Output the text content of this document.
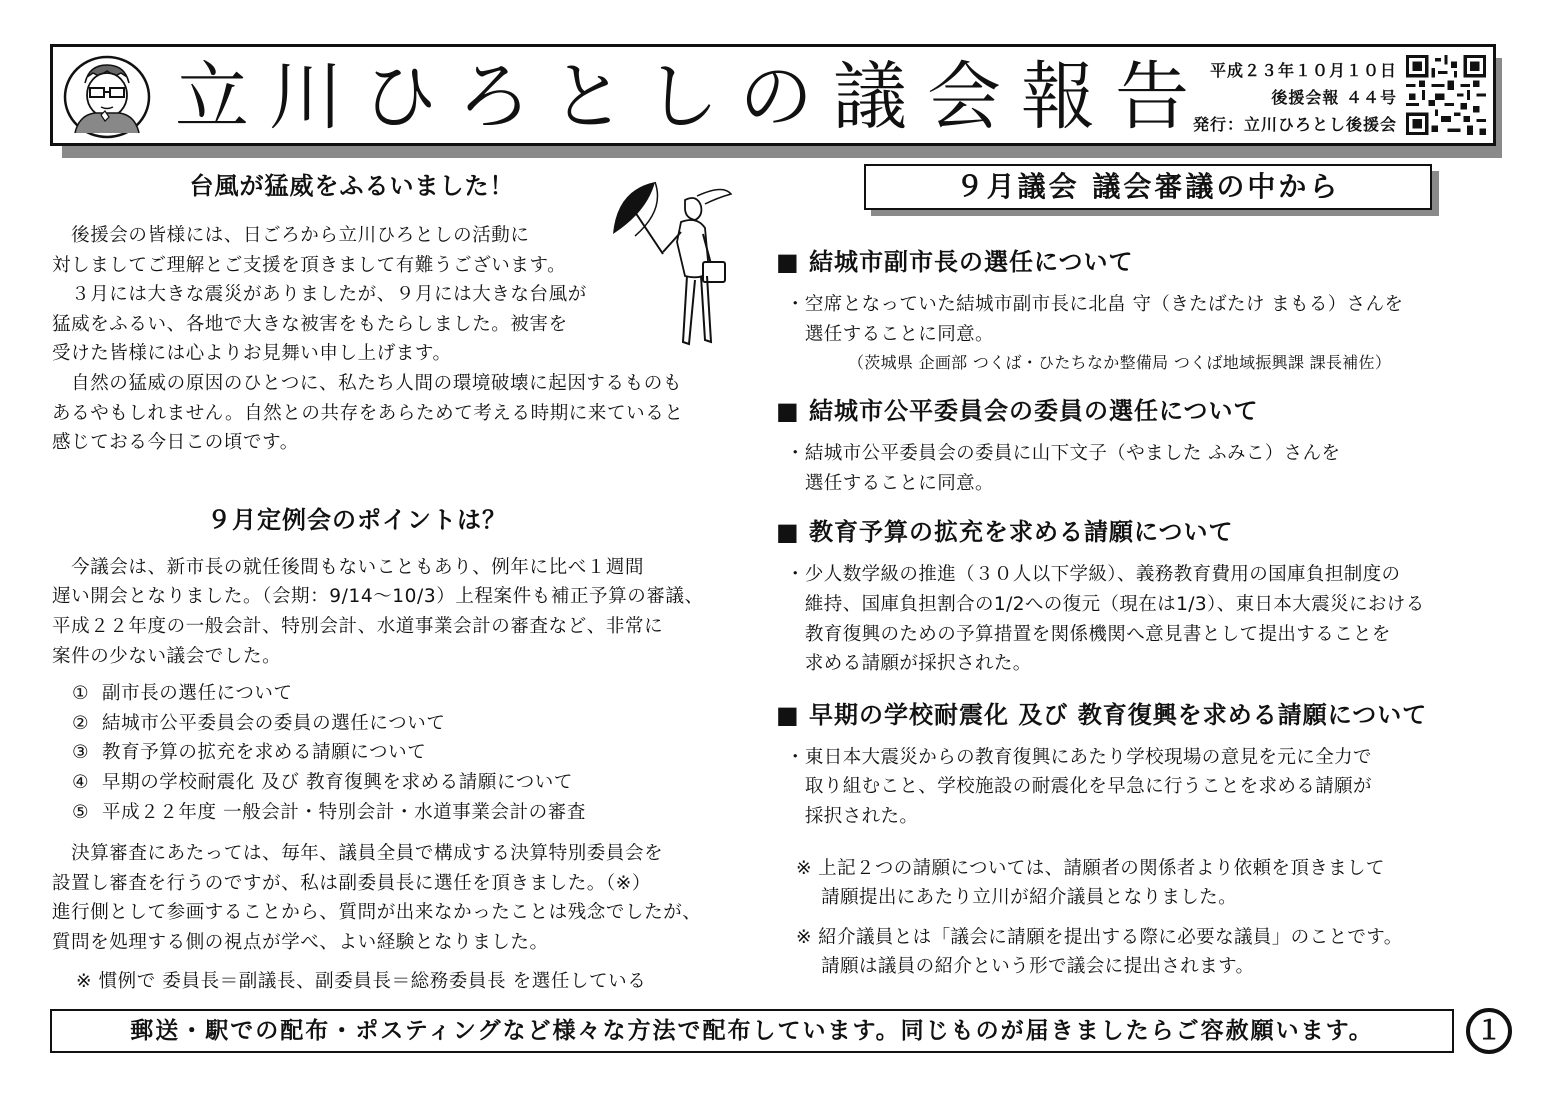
立川ひろとしの議会報告 平成２３年１０月１０日
後援会報 ４４号
発行：立川ひろとし後援会
台風が猛威をふるいました！
　後援会の皆様には、日ごろから立川ひろとしの活動に
対しましてご理解とご支援を頂きまして有難うございます。
　３月には大きな震災がありましたが、９月には大きな台風が
猛威をふるい、各地で大きな被害をもたらしました。被害を
受けた皆様には心よりお見舞い申し上げます。
　自然の猛威の原因のひとつに、私たち人間の環境破壊に起因するものも
あるやもしれません。自然との共存をあらためて考える時期に来ていると
感じておる今日この頃です。
９月定例会のポイントは？
　今議会は、新市長の就任後間もないこともあり、例年に比べ１週間
遅い開会となりました。（会期：9/14〜10/3）上程案件も補正予算の審議、
平成２２年度の一般会計、特別会計、水道事業会計の審査など、非常に
案件の少ない議会でした。
① 副市長の選任について
② 結城市公平委員会の委員の選任について
③ 教育予算の拡充を求める請願について
④ 早期の学校耐震化 及び 教育復興を求める請願について
⑤ 平成２２年度 一般会計・特別会計・水道事業会計の審査
　決算審査にあたっては、毎年、議員全員で構成する決算特別委員会を
設置し審査を行うのですが、私は副委員長に選任を頂きました。（※）
進行側として参画することから、質問が出来なかったことは残念でしたが、
質問を処理する側の視点が学べ、よい経験となりました。
※ 慣例で 委員長＝副議長、副委員長＝総務委員長 を選任している
９月議会 議会審議の中から
■ 結城市副市長の選任について
・空席となっていた結城市副市長に北畠 守（きたばたけ まもる）さんを
　選任することに同意。
（茨城県 企画部 つくば・ひたちなか整備局 つくば地域振興課 課長補佐）
■ 結城市公平委員会の委員の選任について
・結城市公平委員会の委員に山下文子（やました ふみこ）さんを
　選任することに同意。
■ 教育予算の拡充を求める請願について
・少人数学級の推進（３０人以下学級）、義務教育費用の国庫負担制度の
　維持、国庫負担割合の1/2への復元（現在は1/3）、東日本大震災における
　教育復興のための予算措置を関係機関へ意見書として提出することを
　求める請願が採択された。
■ 早期の学校耐震化 及び 教育復興を求める請願について
・東日本大震災からの教育復興にあたり学校現場の意見を元に全力で
　取り組むこと、学校施設の耐震化を早急に行うことを求める請願が
　採択された。
※ 上記２つの請願については、請願者の関係者より依頼を頂きまして
　 請願提出にあたり立川が紹介議員となりました。
※ 紹介議員とは「議会に請願を提出する際に必要な議員」のことです。
　 請願は議員の紹介という形で議会に提出されます。
郵送・駅での配布・ポスティングなど様々な方法で配布しています。同じものが届きましたらご容赦願います。	１
